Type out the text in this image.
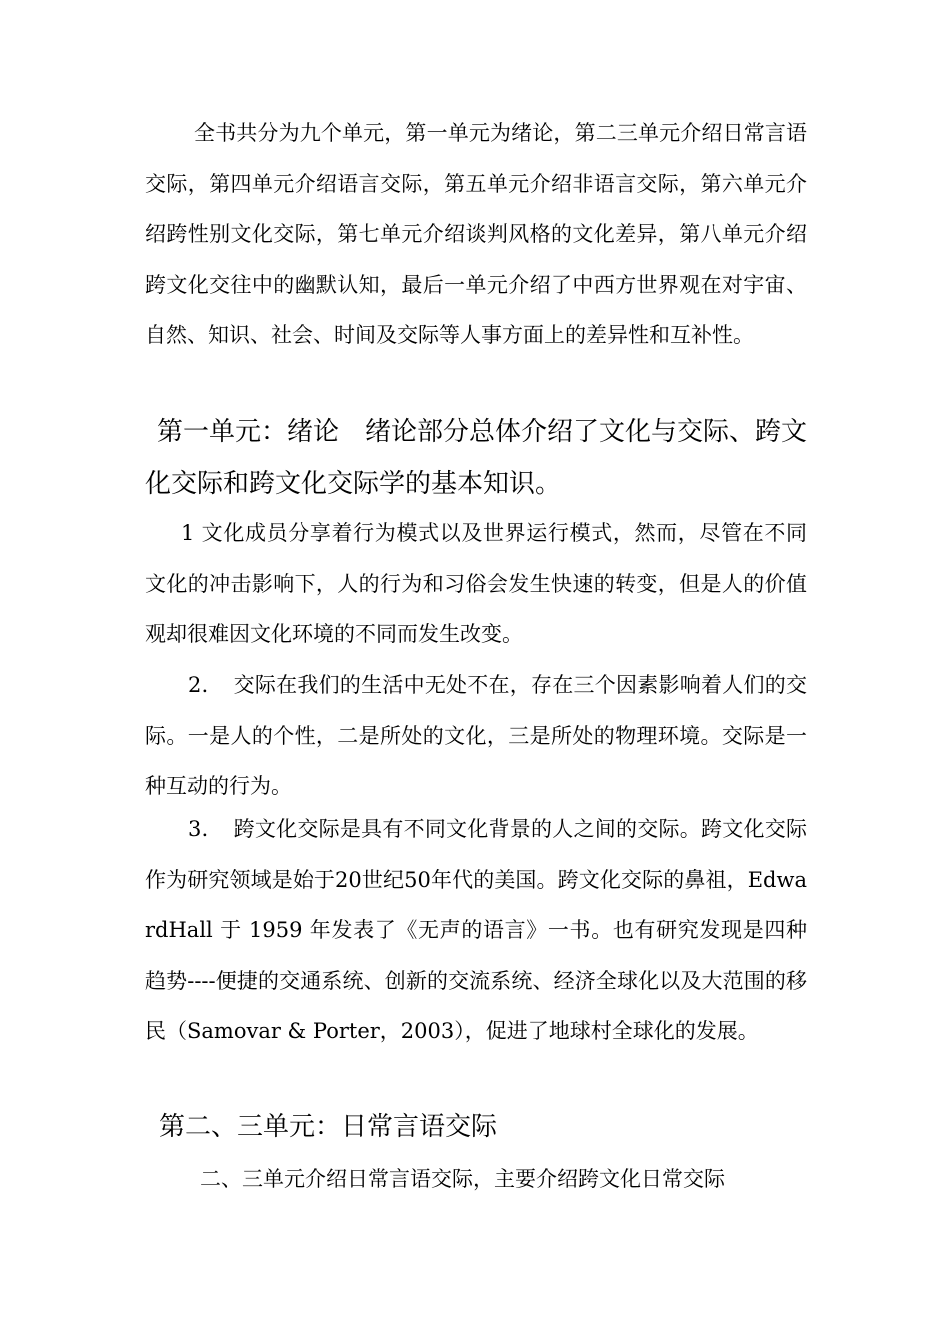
全书共分为九个单元，第一单元为绪论，第二三单元介绍日常言语交际，第四单元介绍语言交际，第五单元介绍非语言交际，第六单元介绍跨性别文化交际，第七单元介绍谈判风格的文化差异，第八单元介绍跨文化交往中的幽默认知，最后一单元介绍了中西方世界观在对宇宙、自然、知识、社会、时间及交际等人事方面上的差异性和互补性。

第一单元：绪论　绪论部分总体介绍了文化与交际、跨文化交际和跨文化交际学的基本知识。

1 文化成员分享着行为模式以及世界运行模式，然而，尽管在不同文化的冲击影响下，人的行为和习俗会发生快速的转变，但是人的价值观却很难因文化环境的不同而发生改变。

2．　交际在我们的生活中无处不在，存在三个因素影响着人们的交际。一是人的个性，二是所处的文化，三是所处的物理环境。交际是一种互动的行为。

3．　跨文化交际是具有不同文化背景的人之间的交际。跨文化交际作为研究领域是始于20世纪50年代的美国。跨文化交际的鼻祖，EdwardHall 于 1959 年发表了《无声的语言》一书。也有研究发现是四种趋势----便捷的交通系统、创新的交流系统、经济全球化以及大范围的移民（Samovar & Porter，2003），促进了地球村全球化的发展。

第二、三单元：日常言语交际

二、三单元介绍日常言语交际，主要介绍跨文化日常交际
